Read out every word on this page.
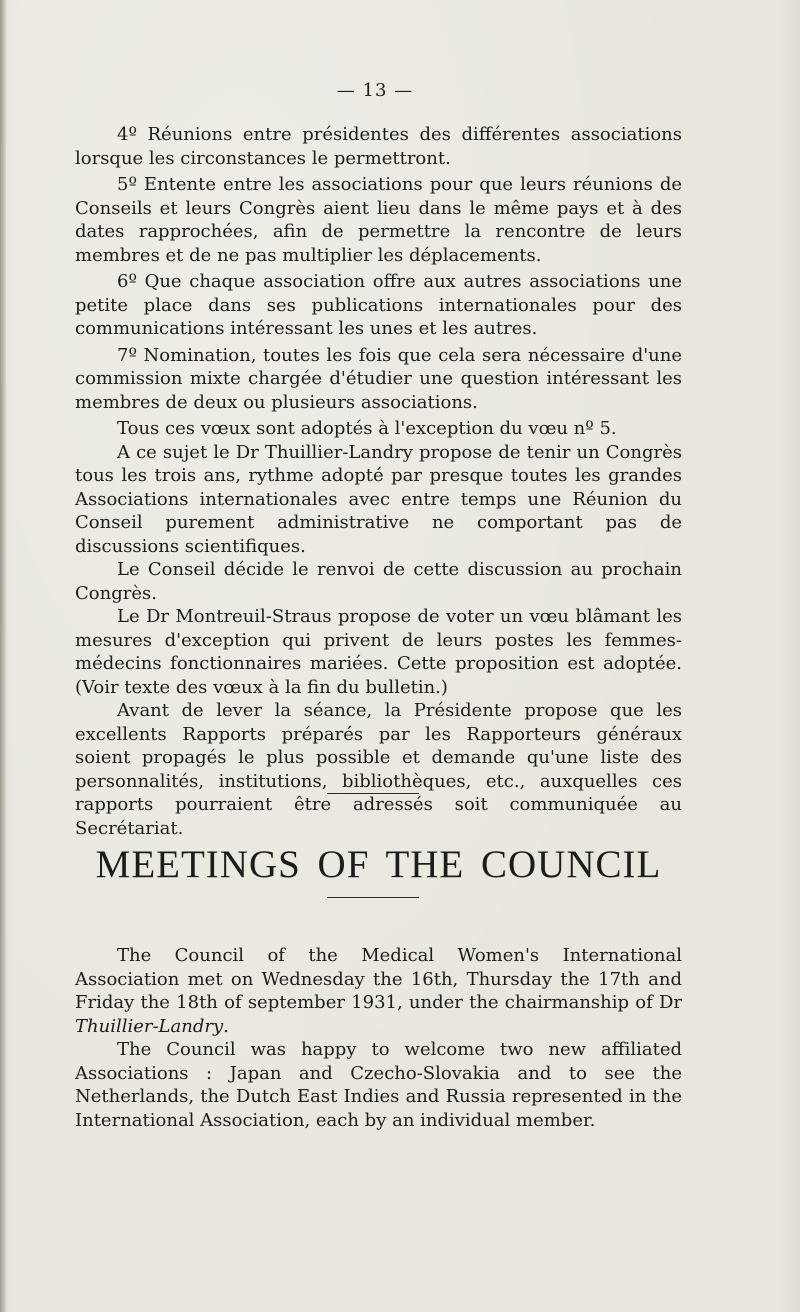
— 13 —

4º Réunions entre présidentes des différentes associations lorsque les circonstances le permettront.

5º Entente entre les associations pour que leurs réunions de Conseils et leurs Congrès aient lieu dans le même pays et à des dates rapprochées, afin de permettre la rencontre de leurs membres et de ne pas multiplier les déplacements.

6º Que chaque association offre aux autres associations une petite place dans ses publications internationales pour des communications intéressant les unes et les autres.

7º Nomination, toutes les fois que cela sera nécessaire d'une commission mixte chargée d'étudier une question intéressant les membres de deux ou plusieurs associations.

Tous ces vœux sont adoptés à l'exception du vœu nº 5.

A ce sujet le Dr Thuillier-Landry propose de tenir un Congrès tous les trois ans, rythme adopté par presque toutes les grandes Associations internationales avec entre temps une Réunion du Conseil purement administrative ne comportant pas de discussions scientifiques.

Le Conseil décide le renvoi de cette discussion au prochain Congrès.

Le Dr Montreuil-Straus propose de voter un vœu blâmant les mesures d'exception qui privent de leurs postes les femmes-médecins fonctionnaires mariées. Cette proposition est adoptée. (Voir texte des vœux à la fin du bulletin.)

Avant de lever la séance, la Présidente propose que les excellents Rapports préparés par les Rapporteurs généraux soient propagés le plus possible et demande qu'une liste des personnalités, institutions, bibliothèques, etc., auxquelles ces rapports pourraient être adressés soit communiquée au Secrétariat.

MEETINGS OF THE COUNCIL

The Council of the Medical Women's International Association met on Wednesday the 16th, Thursday the 17th and Friday the 18th of september 1931, under the chairmanship of Dr Thuillier-Landry.

The Council was happy to welcome two new affiliated Associations : Japan and Czecho-Slovakia and to see the Netherlands, the Dutch East Indies and Russia represented in the International Association, each by an individual member.
